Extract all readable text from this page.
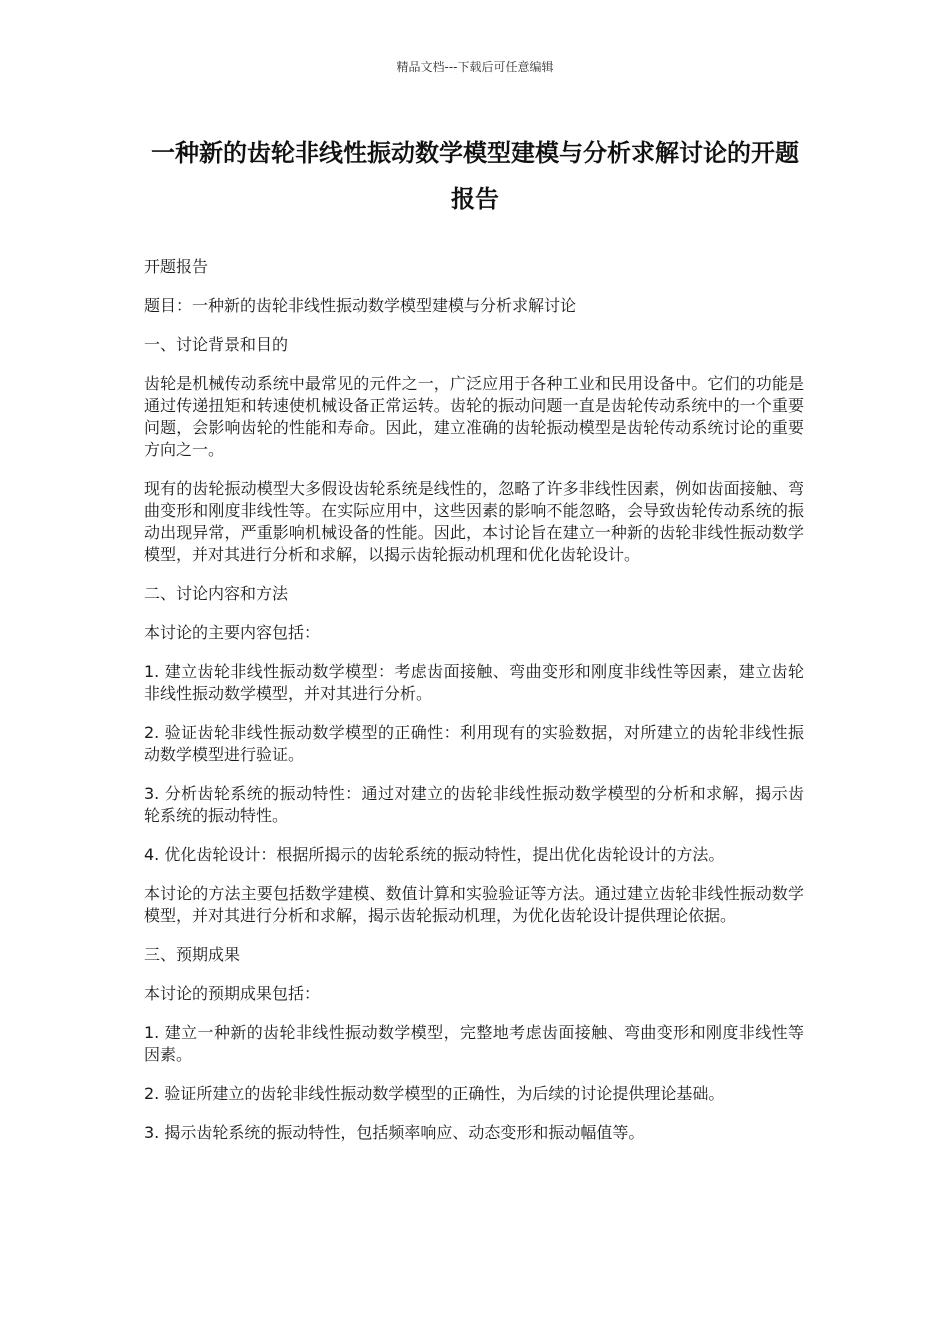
精品文档---下载后可任意编辑
一种新的齿轮非线性振动数学模型建模与分析求解讨论的开题报告

开题报告

题目：一种新的齿轮非线性振动数学模型建模与分析求解讨论

一、讨论背景和目的

齿轮是机械传动系统中最常见的元件之一，广泛应用于各种工业和民用设备中。它们的功能是通过传递扭矩和转速使机械设备正常运转。齿轮的振动问题一直是齿轮传动系统中的一个重要问题，会影响齿轮的性能和寿命。因此，建立准确的齿轮振动模型是齿轮传动系统讨论的重要方向之一。

现有的齿轮振动模型大多假设齿轮系统是线性的，忽略了许多非线性因素，例如齿面接触、弯曲变形和刚度非线性等。在实际应用中，这些因素的影响不能忽略，会导致齿轮传动系统的振动出现异常，严重影响机械设备的性能。因此，本讨论旨在建立一种新的齿轮非线性振动数学模型，并对其进行分析和求解，以揭示齿轮振动机理和优化齿轮设计。

二、讨论内容和方法

本讨论的主要内容包括：

1. 建立齿轮非线性振动数学模型：考虑齿面接触、弯曲变形和刚度非线性等因素，建立齿轮非线性振动数学模型，并对其进行分析。

2. 验证齿轮非线性振动数学模型的正确性：利用现有的实验数据，对所建立的齿轮非线性振动数学模型进行验证。

3. 分析齿轮系统的振动特性：通过对建立的齿轮非线性振动数学模型的分析和求解，揭示齿轮系统的振动特性。

4. 优化齿轮设计：根据所揭示的齿轮系统的振动特性，提出优化齿轮设计的方法。

本讨论的方法主要包括数学建模、数值计算和实验验证等方法。通过建立齿轮非线性振动数学模型，并对其进行分析和求解，揭示齿轮振动机理，为优化齿轮设计提供理论依据。

三、预期成果

本讨论的预期成果包括：

1. 建立一种新的齿轮非线性振动数学模型，完整地考虑齿面接触、弯曲变形和刚度非线性等因素。

2. 验证所建立的齿轮非线性振动数学模型的正确性，为后续的讨论提供理论基础。

3. 揭示齿轮系统的振动特性，包括频率响应、动态变形和振动幅值等。
